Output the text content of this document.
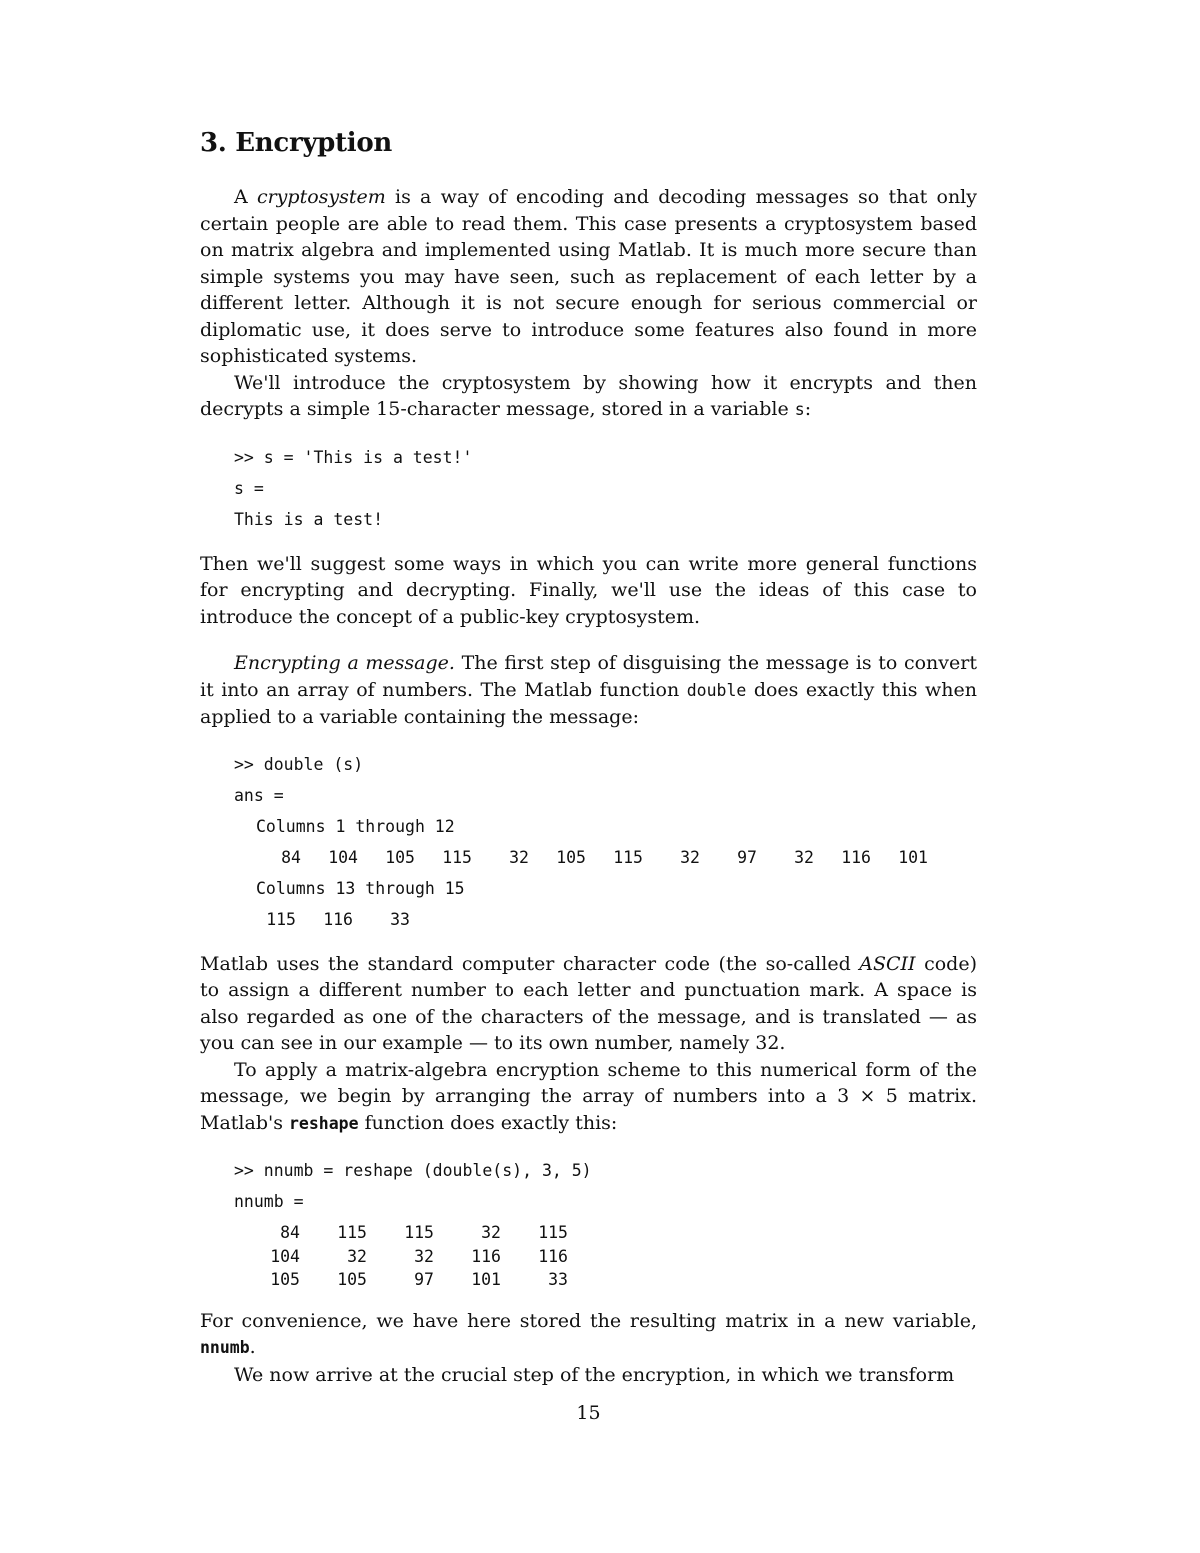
3. Encryption

A cryptosystem is a way of encoding and decoding messages so that only certain people are able to read them. This case presents a cryptosystem based on matrix algebra and implemented using Matlab. It is much more secure than simple systems you may have seen, such as replacement of each letter by a different letter. Although it is not secure enough for serious commercial or diplomatic use, it does serve to introduce some features also found in more sophisticated systems.

We'll introduce the cryptosystem by showing how it encrypts and then decrypts a simple 15-character message, stored in a variable s:

>> s = 'This is a test!'
s =
This is a test!

Then we'll suggest some ways in which you can write more general functions for encrypting and decrypting. Finally, we'll use the ideas of this case to introduce the concept of a public-key cryptosystem.

Encrypting a message. The first step of disguising the message is to convert it into an array of numbers. The Matlab function double does exactly this when applied to a variable containing the message:

>> double (s)
ans =
Columns 1 through 12
84	104	105	115	32	105	115	32	97	32	116	101
Columns 13 through 15
115	116	33

Matlab uses the standard computer character code (the so-called ASCII code) to assign a different number to each letter and punctuation mark. A space is also regarded as one of the characters of the message, and is translated — as you can see in our example — to its own number, namely 32.

To apply a matrix-algebra encryption scheme to this numerical form of the message, we begin by arranging the array of numbers into a 3 × 5 matrix. Matlab's reshape function does exactly this:

>> nnumb = reshape (double(s), 3, 5)
nnumb =
84	115	115	32	115
104	32	32	116	116
105	105	97	101	33

For convenience, we have here stored the resulting matrix in a new variable, nnumb.

We now arrive at the crucial step of the encryption, in which we transform

15
